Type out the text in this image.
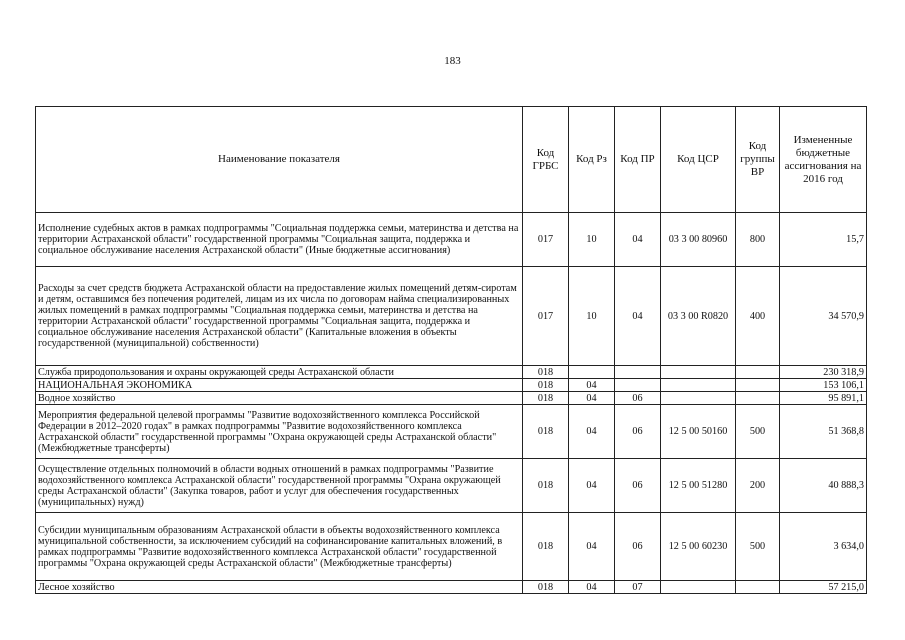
183
Наименование показателя	Код ГРБС	Код Рз	Код ПР	Код ЦСР	Код группы ВР	Измененные бюджетные ассигнования на 2016 год
Исполнение судебных актов в рамках подпрограммы "Социальная поддержка семьи, материнства и детства на территории Астраханской области" государственной программы "Социальная защита, поддержка и социальное обслуживание населения Астраханской области" (Иные бюджетные ассигнования)	017	10	04	03 3 00 80960	800	15,7
Расходы за счет средств бюджета Астраханской области на предоставление жилых помещений детям-сиротам и детям, оставшимся без попечения родителей, лицам из их числа по договорам найма специализированных жилых помещений в рамках подпрограммы "Социальная поддержка семьи, материнства и детства на территории Астраханской области" государственной программы "Социальная защита, поддержка и социальное обслуживание населения Астраханской области" (Капитальные вложения в объекты государственной (муниципальной) собственности)	017	10	04	03 3 00 R0820	400	34 570,9
Служба природопользования и охраны окружающей среды Астраханской области	018					230 318,9
НАЦИОНАЛЬНАЯ ЭКОНОМИКА	018	04				153 106,1
Водное хозяйство	018	04	06			95 891,1
Мероприятия федеральной целевой программы "Развитие водохозяйственного комплекса Российской Федерации в 2012–2020 годах" в рамках подпрограммы "Развитие водохозяйственного комплекса Астраханской области" государственной программы "Охрана окружающей среды Астраханской области" (Межбюджетные трансферты)	018	04	06	12 5 00 50160	500	51 368,8
Осуществление отдельных полномочий в области водных отношений в рамках подпрограммы "Развитие водохозяйственного комплекса Астраханской области" государственной программы "Охрана окружающей среды Астраханской области" (Закупка товаров, работ и услуг для обеспечения государственных (муниципальных) нужд)	018	04	06	12 5 00 51280	200	40 888,3
Субсидии муниципальным образованиям Астраханской области в объекты водохозяйственного комплекса муниципальной собственности, за исключением субсидий на софинансирование капитальных вложений, в рамках подпрограммы "Развитие водохозяйственного комплекса Астраханской области" государственной программы "Охрана окружающей среды Астраханской области" (Межбюджетные трансферты)	018	04	06	12 5 00 60230	500	3 634,0
Лесное хозяйство	018	04	07			57 215,0
